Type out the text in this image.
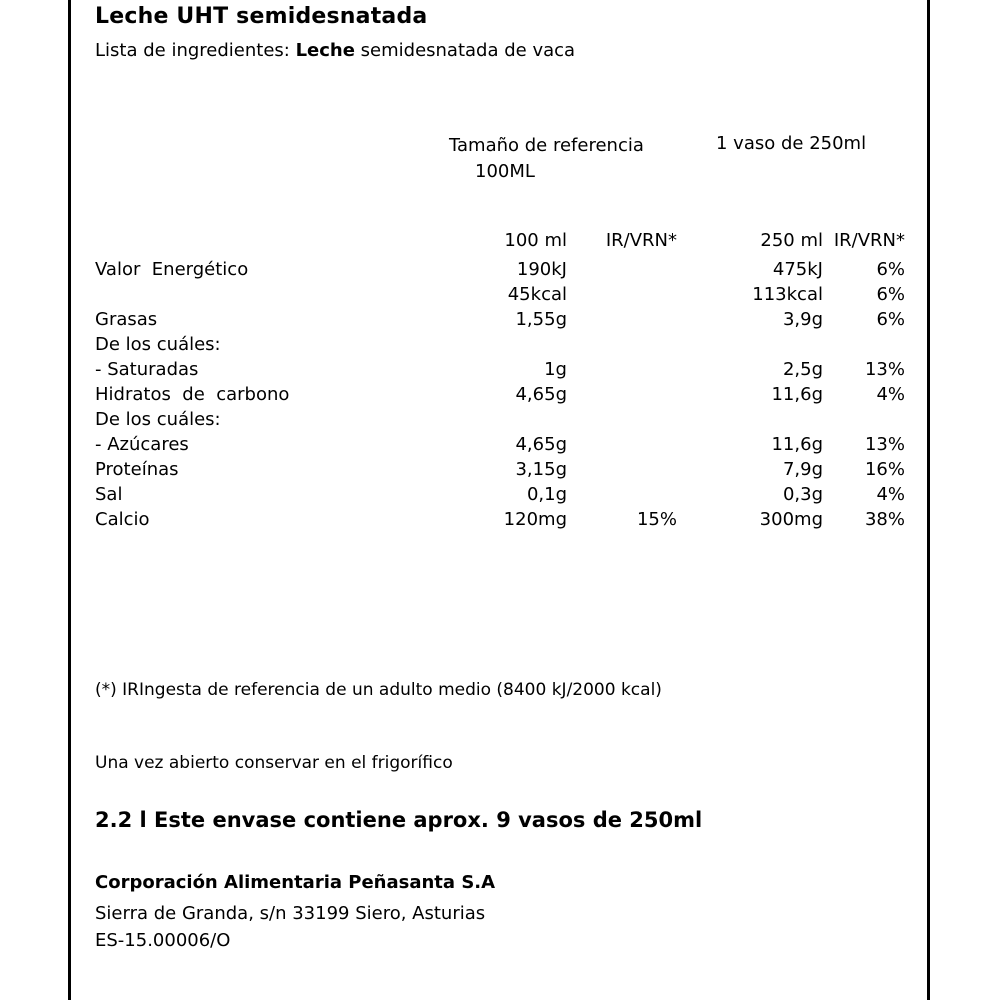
Leche UHT semidesnatada
Lista de ingredientes: Leche semidesnatada de vaca
Tamaño de referencia
100ML
1 vaso de 250ml
	100 ml	IR/VRN*	250 ml	IR/VRN*
Valor  Energético	190kJ		475kJ	6%
	45kcal		113kcal	6%
Grasas	1,55g		3,9g	6%
De los cuáles:				
- Saturadas	1g		2,5g	13%
Hidratos  de  carbono	4,65g		11,6g	4%
De los cuáles:				
- Azúcares	4,65g		11,6g	13%
Proteínas	3,15g		7,9g	16%
Sal	0,1g		0,3g	4%
Calcio	120mg	15%	300mg	38%
(*) IRIngesta de referencia de un adulto medio (8400 kJ/2000 kcal)
Una vez abierto conservar en el frigorífico
2.2 l Este envase contiene aprox. 9 vasos de 250ml
Corporación Alimentaria Peñasanta S.A
Sierra de Granda, s/n 33199 Siero, Asturias
ES-15.00006/O
